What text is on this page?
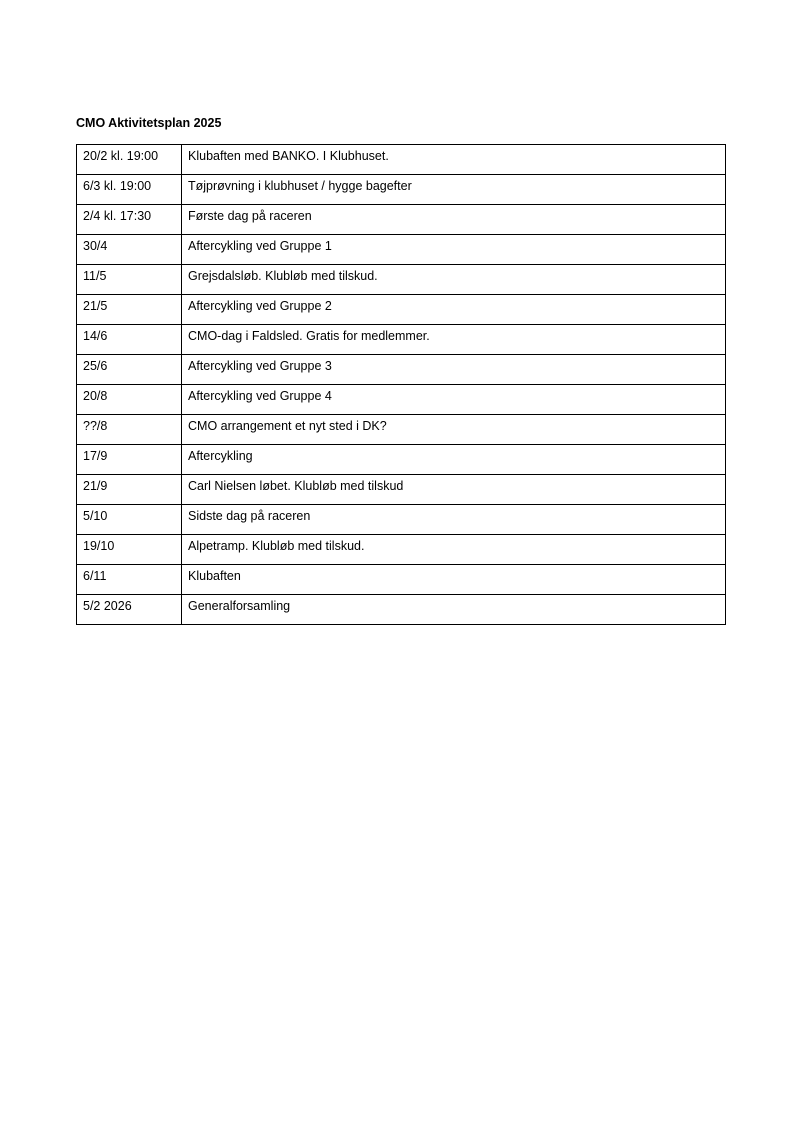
CMO Aktivitetsplan 2025
20/2 kl. 19:00	Klubaften med BANKO. I Klubhuset.
6/3 kl. 19:00	Tøjprøvning i klubhuset / hygge bagefter
2/4 kl. 17:30	Første dag på raceren
30/4	Aftercykling ved Gruppe 1
11/5	Grejsdalsløb. Klubløb med tilskud.
21/5	Aftercykling ved Gruppe 2
14/6	CMO-dag i Faldsled. Gratis for medlemmer.
25/6	Aftercykling ved Gruppe 3
20/8	Aftercykling ved Gruppe 4
??/8	CMO arrangement et nyt sted i DK?
17/9	Aftercykling
21/9	Carl Nielsen løbet. Klubløb med tilskud
5/10	Sidste dag på raceren
19/10	Alpetramp. Klubløb med tilskud.
6/11	Klubaften
5/2 2026	Generalforsamling
